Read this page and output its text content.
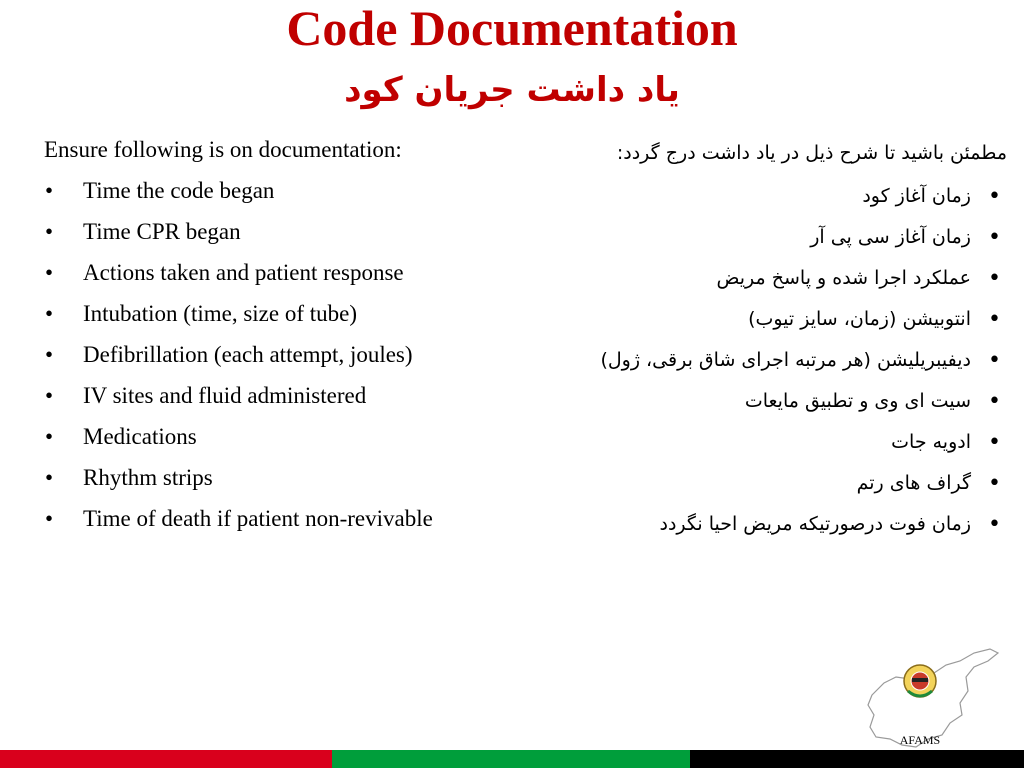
Code Documentation
یاد داشت جریان کود

Ensure following is on documentation:

• Time the code began
• Time CPR began
• Actions taken and patient response
• Intubation (time, size of tube)
• Defibrillation (each attempt, joules)
• IV sites and fluid administered
• Medications
• Rhythm strips
• Time of death if patient non-revivable

مطمئن باشید تا شرح ذیل در یاد داشت درج گردد:

• زمان آغاز کود
• زمان آغاز سی پی آر
• عملکرد اجرا شده و پاسخ مریض
• انتوبیشن (زمان، سایز تیوب)
• دیفیبریلیشن (هر مرتبه اجرای شاق برقی، ژول)
• سیت ای وی و تطبیق مایعات
• ادویه جات
• گراف های رتم
• زمان فوت درصورتیکه مریض احیا نگردد
AFAMS
